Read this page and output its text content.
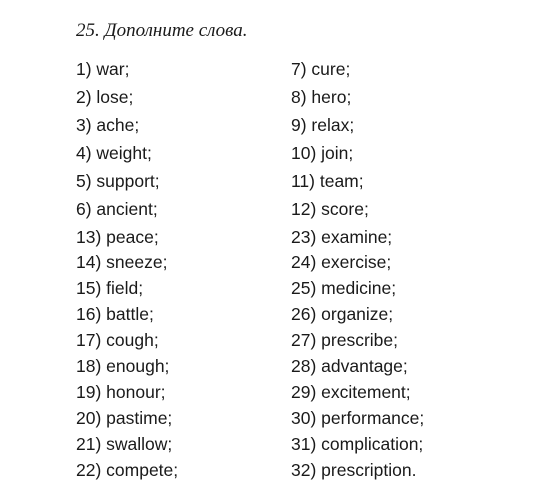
25. Дополните слова.
1) war;
2) lose;
3) ache;
4) weight;
5) support;
6) ancient;
13) peace;
14) sneeze;
15) field;
16) battle;
17) cough;
18) enough;
19) honour;
20) pastime;
21) swallow;
22) compete;
7) cure;
8) hero;
9) relax;
10) join;
11) team;
12) score;
23) examine;
24) exercise;
25) medicine;
26) organize;
27) prescribe;
28) advantage;
29) excitement;
30) performance;
31) complication;
32) prescription.
